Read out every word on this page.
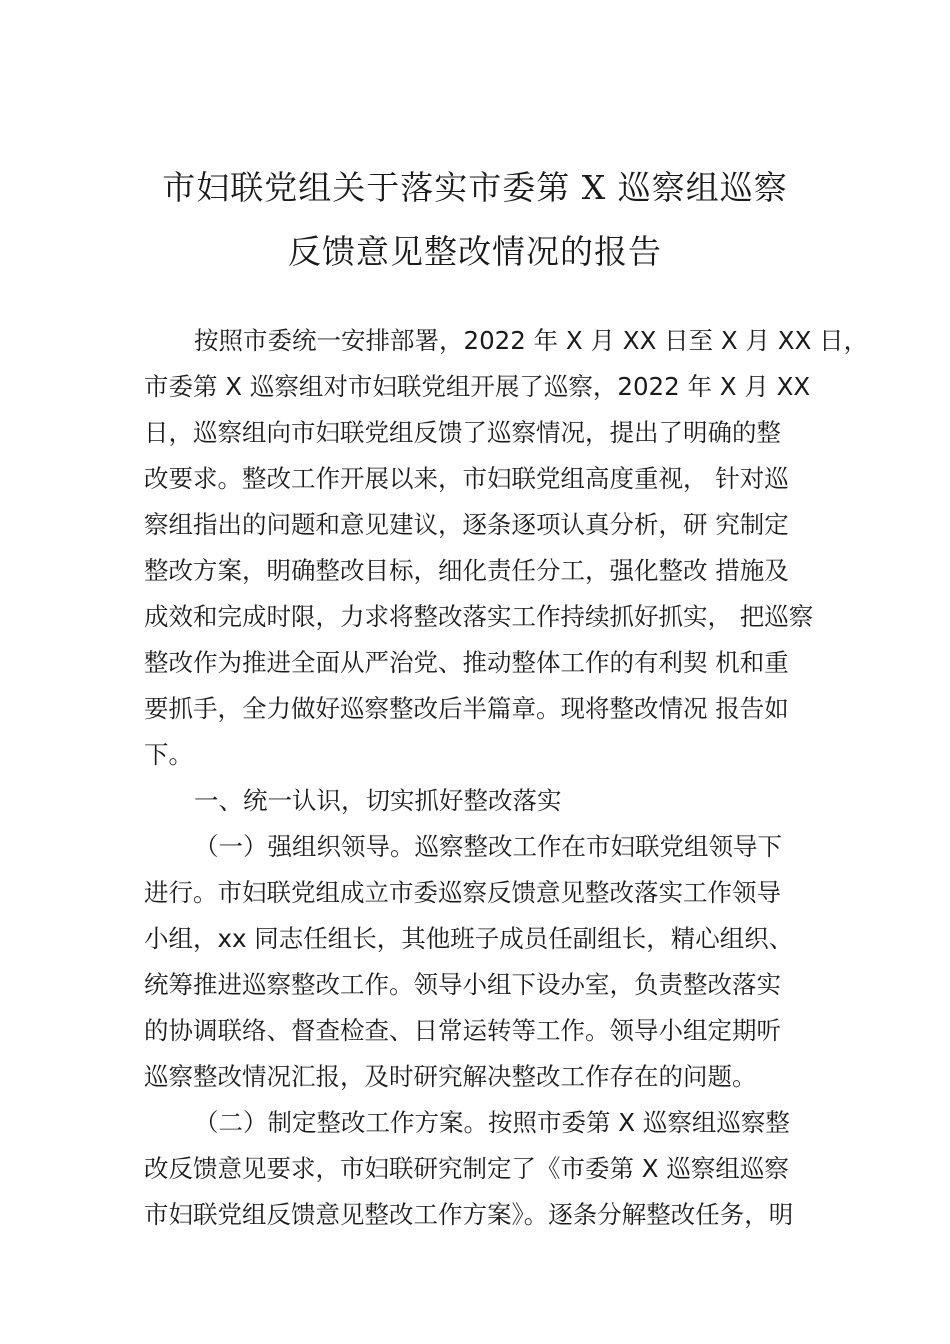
市妇联党组关于落实市委第 X 巡察组巡察
反馈意见整改情况的报告
按照市委统一安排部署，2022 年 X 月 XX 日至 X 月 XX 日，
市委第 X 巡察组对市妇联党组开展了巡察，2022 年 X 月 XX
日，巡察组向市妇联党组反馈了巡察情况，提出了明确的整
改要求。整改工作开展以来，市妇联党组高度重视， 针对巡
察组指出的问题和意见建议，逐条逐项认真分析，研 究制定
整改方案，明确整改目标，细化责任分工，强化整改 措施及
成效和完成时限，力求将整改落实工作持续抓好抓实， 把巡察
整改作为推进全面从严治党、推动整体工作的有利契 机和重
要抓手，全力做好巡察整改后半篇章。现将整改情况 报告如
下。
一、统一认识，切实抓好整改落实
（一）强组织领导。巡察整改工作在市妇联党组领导下
进行。市妇联党组成立市委巡察反馈意见整改落实工作领导
小组，xx 同志任组长，其他班子成员任副组长，精心组织、
统筹推进巡察整改工作。领导小组下设办室，负责整改落实
的协调联络、督查检查、日常运转等工作。领导小组定期听
巡察整改情况汇报，及时研究解决整改工作存在的问题。
（二）制定整改工作方案。按照市委第 X 巡察组巡察整
改反馈意见要求，市妇联研究制定了《市委第 X 巡察组巡察
市妇联党组反馈意见整改工作方案》。逐条分解整改任务，明
